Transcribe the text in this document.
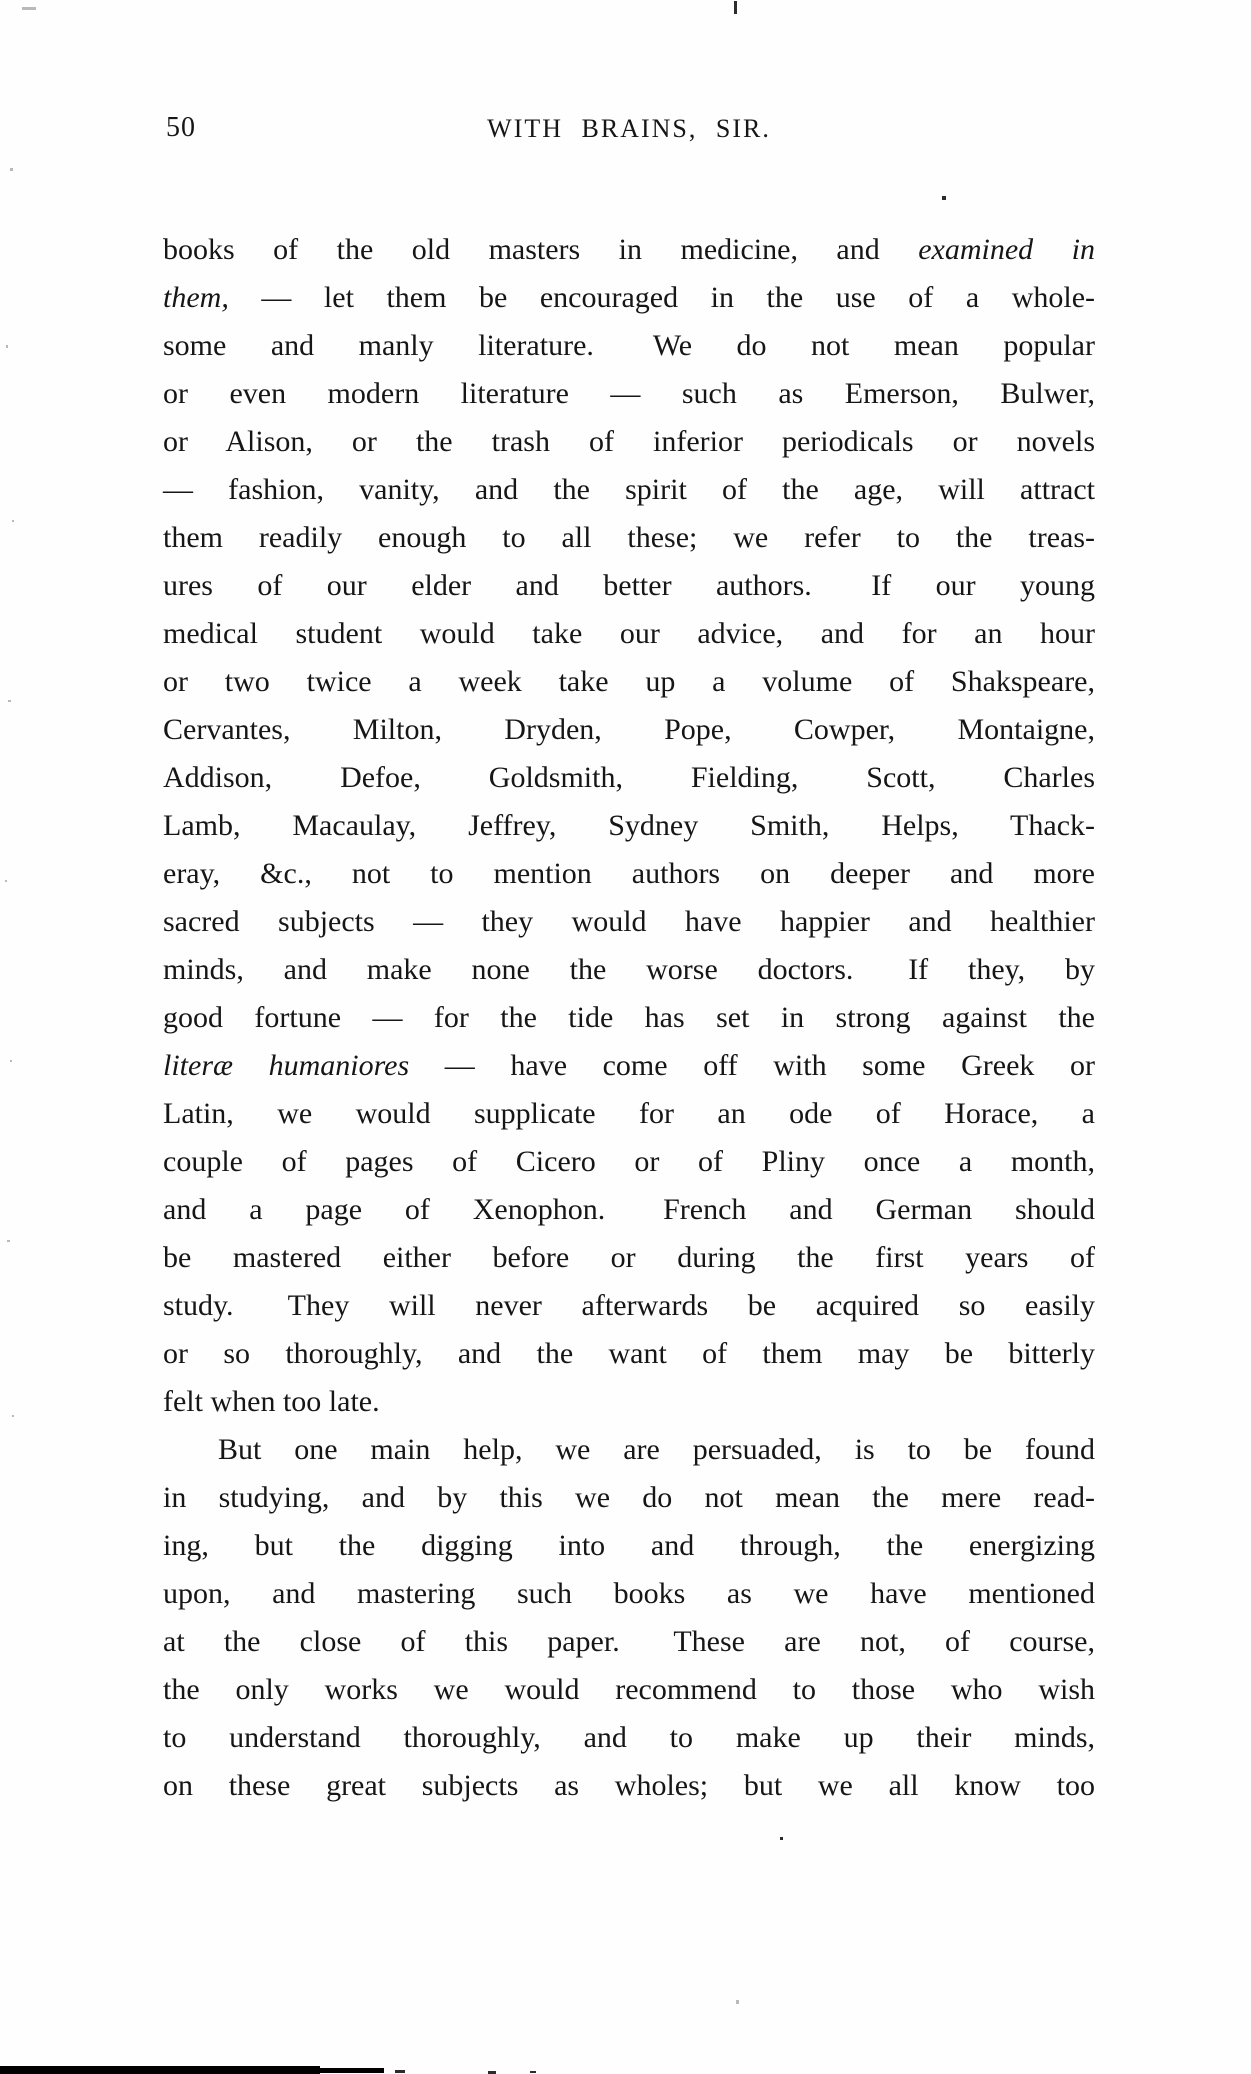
50	WITH BRAINS, SIR.
books of the old masters in medicine, and examined in
them, — let them be encouraged in the use of a whole-
some and manly literature.  We do not mean popular
or even modern literature — such as Emerson, Bulwer,
or Alison, or the trash of inferior periodicals or novels
— fashion, vanity, and the spirit of the age, will attract
them readily enough to all these; we refer to the treas-
ures of our elder and better authors.  If our young
medical student would take our advice, and for an hour
or two twice a week take up a volume of Shakspeare,
Cervantes, Milton, Dryden, Pope, Cowper, Montaigne,
Addison, Defoe, Goldsmith, Fielding, Scott, Charles
Lamb, Macaulay, Jeffrey, Sydney Smith, Helps, Thack-
eray, &c., not to mention authors on deeper and more
sacred subjects — they would have happier and healthier
minds, and make none the worse doctors.  If they, by
good fortune — for the tide has set in strong against the
literæ humaniores — have come off with some Greek or
Latin, we would supplicate for an ode of Horace, a
couple of pages of Cicero or of Pliny once a month,
and a page of Xenophon.  French and German should
be mastered either before or during the first years of
study.  They will never afterwards be acquired so easily
or so thoroughly, and the want of them may be bitterly
felt when too late.
But one main help, we are persuaded, is to be found
in studying, and by this we do not mean the mere read-
ing, but the digging into and through, the energizing
upon, and mastering such books as we have mentioned
at the close of this paper.  These are not, of course,
the only works we would recommend to those who wish
to understand thoroughly, and to make up their minds,
on these great subjects as wholes; but we all know too
